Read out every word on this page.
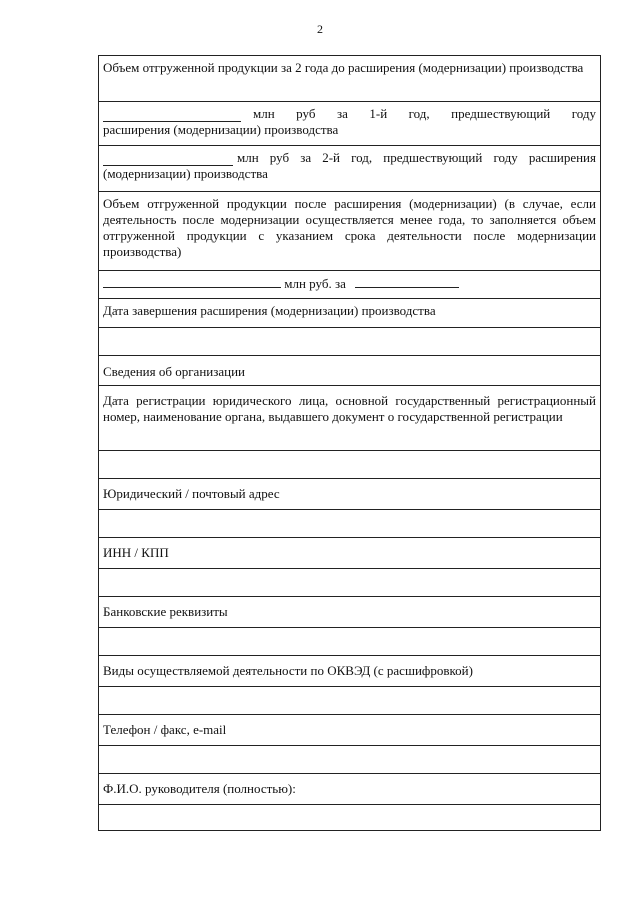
2
Объем отгруженной продукции за 2 года до расширения (модернизации) производства
млн руб за 1-й год, предшествующий году
расширения (модернизации) производства
млн руб за 2-й год, предшествующий году расширения
(модернизации) производства
Объем отгруженной продукции после расширения (модернизации) (в случае, если деятельность после модернизации осуществляется менее года, то заполняется объем отгруженной продукции с указанием срока деятельности после модернизации производства)
млн руб. за
Дата завершения расширения (модернизации) производства
Сведения об организации
Дата регистрации юридического лица, основной государственный регистрационный номер, наименование органа, выдавшего документ о государственной регистрации
Юридический / почтовый адрес
ИНН / КПП
Банковские реквизиты
Виды осуществляемой деятельности по ОКВЭД (с расшифровкой)
Телефон / факс, e-mail
Ф.И.О. руководителя (полностью):
